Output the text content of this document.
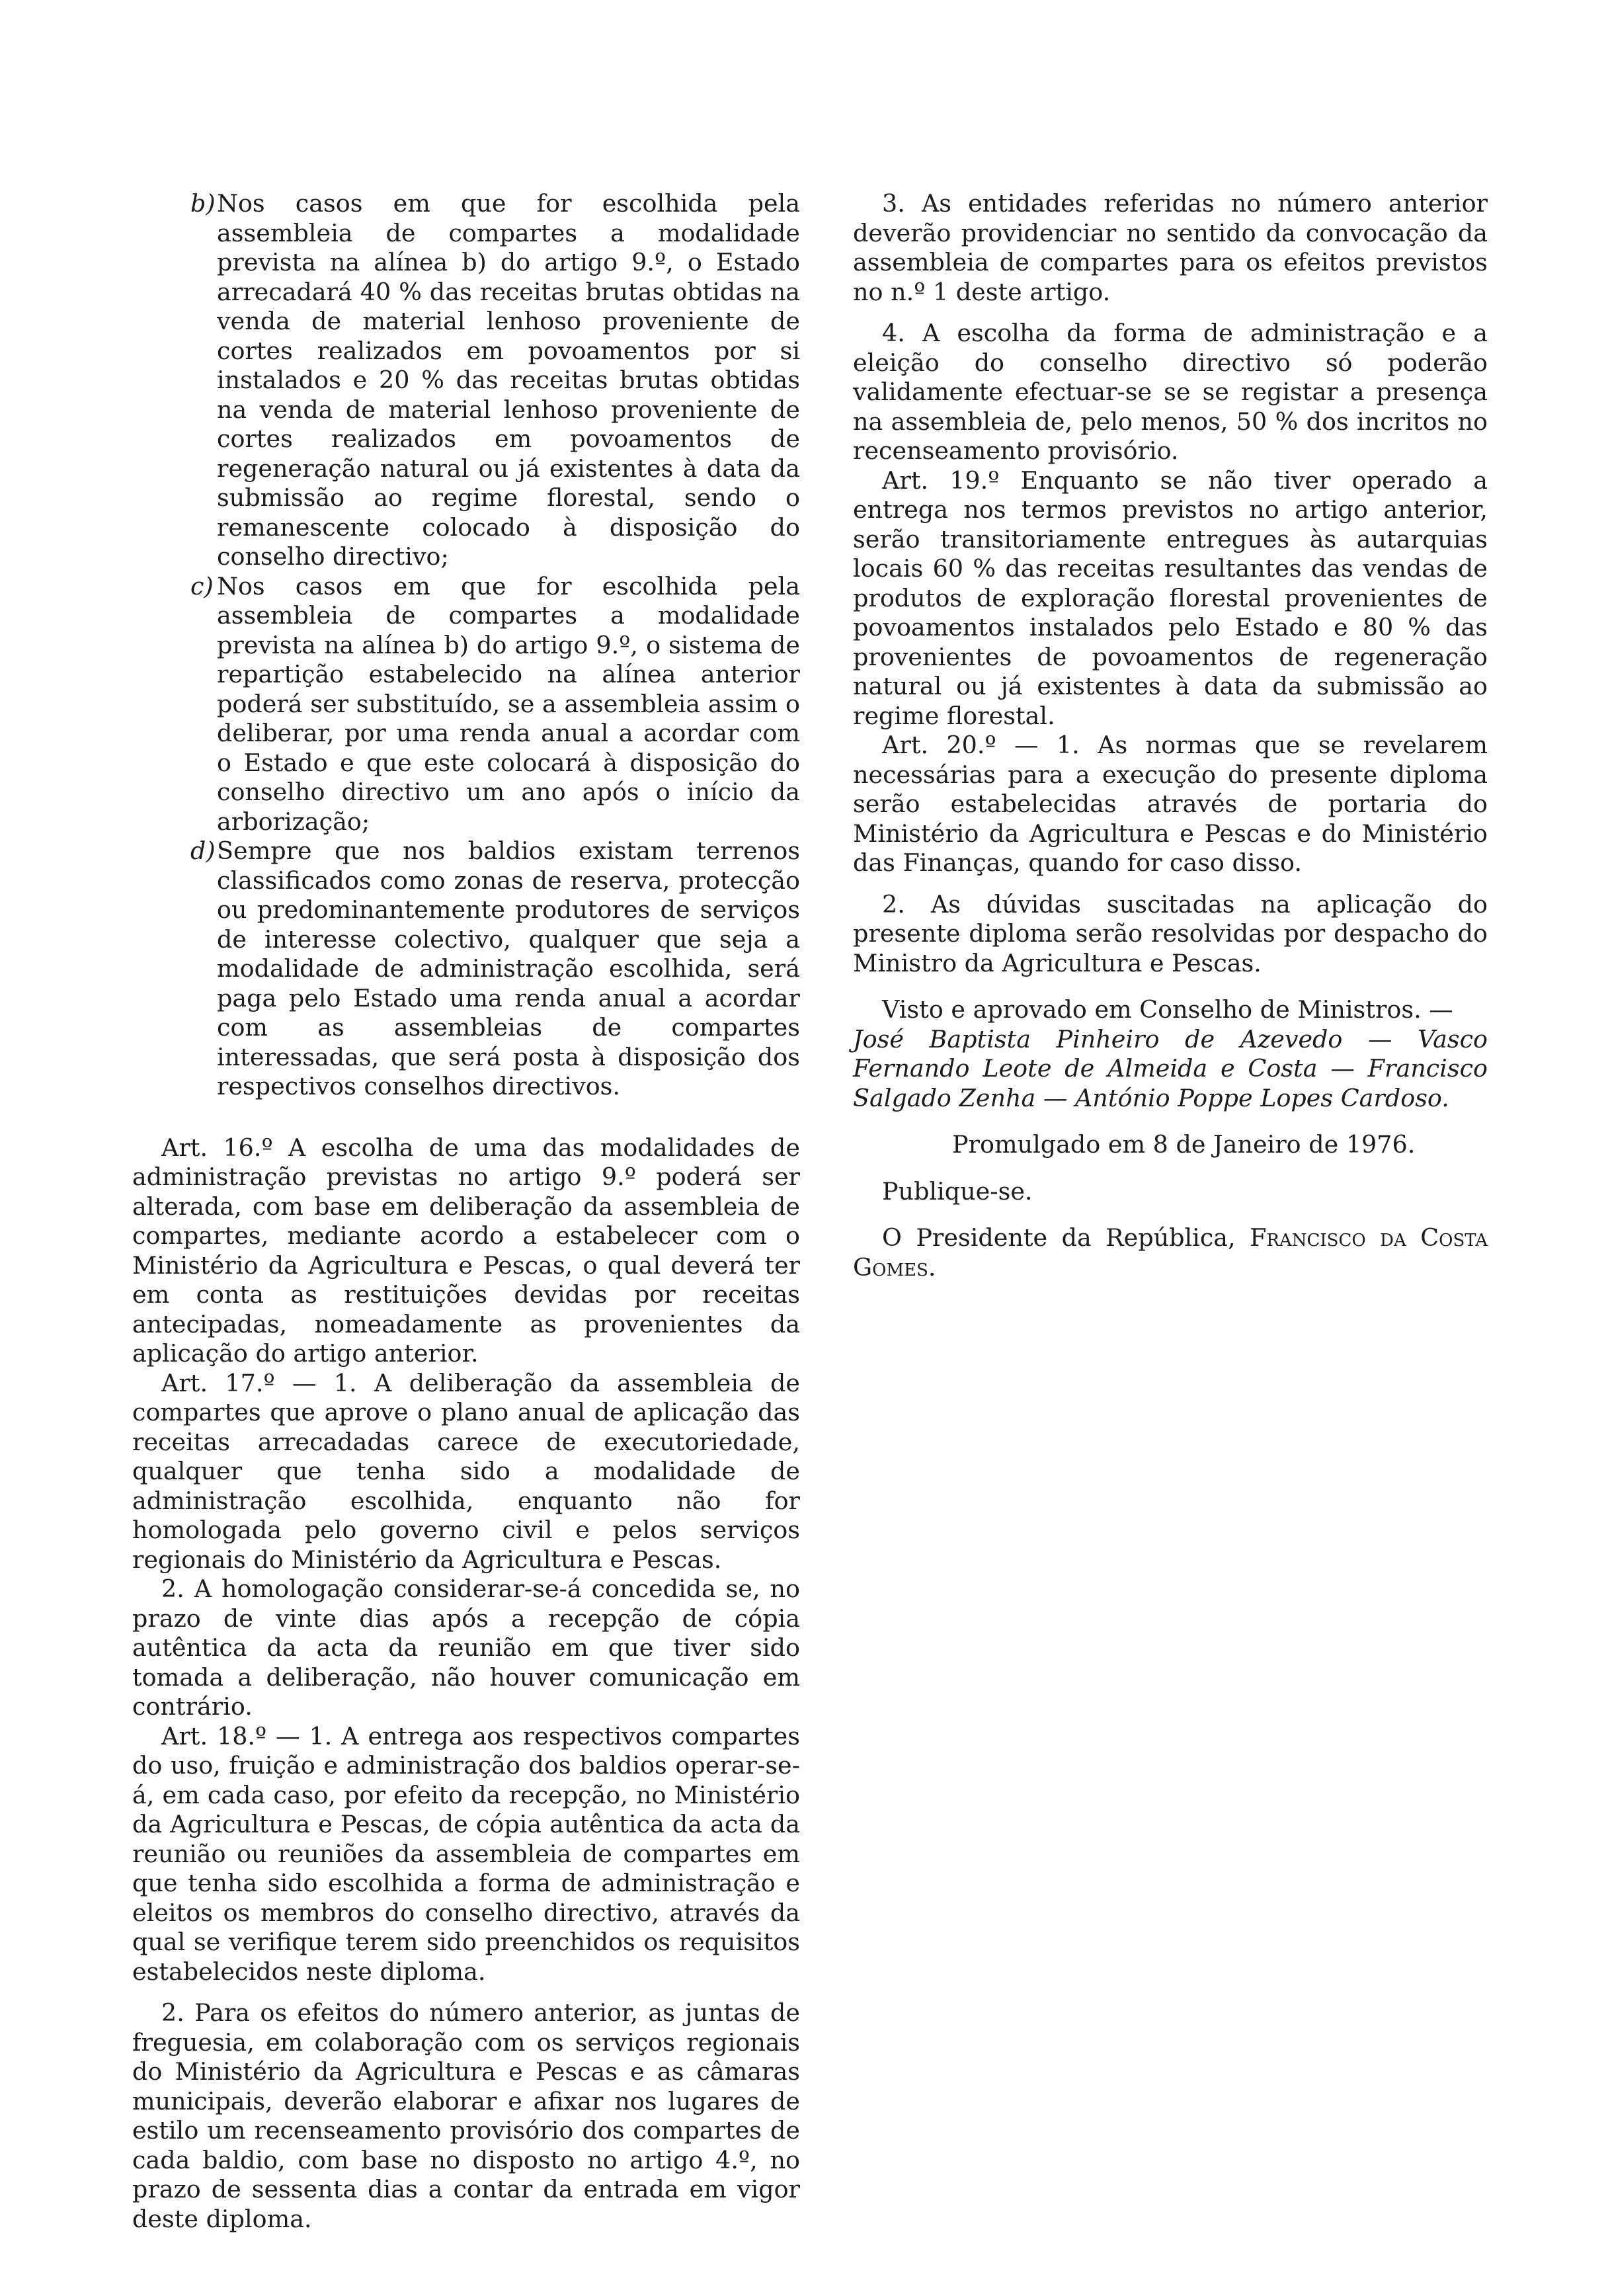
b) Nos casos em que for escolhida pela assembleia de compartes a modalidade prevista na alínea b) do artigo 9.º, o Estado arrecadará 40 % das receitas brutas obtidas na venda de material lenhoso proveniente de cortes realizados em povoamentos por si instalados e 20 % das receitas brutas obtidas na venda de material lenhoso proveniente de cortes realizados em povoamentos de regeneração natural ou já existentes à data da submissão ao regime florestal, sendo o remanescente colocado à disposição do conselho directivo;
c) Nos casos em que for escolhida pela assembleia de compartes a modalidade prevista na alínea b) do artigo 9.º, o sistema de repartição estabelecido na alínea anterior poderá ser substituído, se a assembleia assim o deliberar, por uma renda anual a acordar com o Estado e que este colocará à disposição do conselho directivo um ano após o início da arborização;
d) Sempre que nos baldios existam terrenos classificados como zonas de reserva, protecção ou predominantemente produtores de serviços de interesse colectivo, qualquer que seja a modalidade de administração escolhida, será paga pelo Estado uma renda anual a acordar com as assembleias de compartes interessadas, que será posta à disposição dos respectivos conselhos directivos.

Art. 16.º A escolha de uma das modalidades de administração previstas no artigo 9.º poderá ser alterada, com base em deliberação da assembleia de compartes, mediante acordo a estabelecer com o Ministério da Agricultura e Pescas, o qual deverá ter em conta as restituições devidas por receitas antecipadas, nomeadamente as provenientes da aplicação do artigo anterior.

Art. 17.º — 1. A deliberação da assembleia de compartes que aprove o plano anual de aplicação das receitas arrecadadas carece de executoriedade, qualquer que tenha sido a modalidade de administração escolhida, enquanto não for homologada pelo governo civil e pelos serviços regionais do Ministério da Agricultura e Pescas.

2. A homologação considerar-se-á concedida se, no prazo de vinte dias após a recepção de cópia autêntica da acta da reunião em que tiver sido tomada a deliberação, não houver comunicação em contrário.

Art. 18.º — 1. A entrega aos respectivos compartes do uso, fruição e administração dos baldios operar-se-á, em cada caso, por efeito da recepção, no Ministério da Agricultura e Pescas, de cópia autêntica da acta da reunião ou reuniões da assembleia de compartes em que tenha sido escolhida a forma de administração e eleitos os membros do conselho directivo, através da qual se verifique terem sido preenchidos os requisitos estabelecidos neste diploma.

2. Para os efeitos do número anterior, as juntas de freguesia, em colaboração com os serviços regionais do Ministério da Agricultura e Pescas e as câmaras municipais, deverão elaborar e afixar nos lugares de estilo um recenseamento provisório dos compartes de cada baldio, com base no disposto no artigo 4.º, no prazo de sessenta dias a contar da entrada em vigor deste diploma.

3. As entidades referidas no número anterior deverão providenciar no sentido da convocação da assembleia de compartes para os efeitos previstos no n.º 1 deste artigo.

4. A escolha da forma de administração e a eleição do conselho directivo só poderão validamente efectuar-se se se registar a presença na assembleia de, pelo menos, 50 % dos incritos no recenseamento provisório.

Art. 19.º Enquanto se não tiver operado a entrega nos termos previstos no artigo anterior, serão transitoriamente entregues às autarquias locais 60 % das receitas resultantes das vendas de produtos de exploração florestal provenientes de povoamentos instalados pelo Estado e 80 % das provenientes de povoamentos de regeneração natural ou já existentes à data da submissão ao regime florestal.

Art. 20.º — 1. As normas que se revelarem necessárias para a execução do presente diploma serão estabelecidas através de portaria do Ministério da Agricultura e Pescas e do Ministério das Finanças, quando for caso disso.

2. As dúvidas suscitadas na aplicação do presente diploma serão resolvidas por despacho do Ministro da Agricultura e Pescas.

Visto e aprovado em Conselho de Ministros. —

José Baptista Pinheiro de Azevedo — Vasco Fernando Leote de Almeida e Costa — Francisco Salgado Zenha — António Poppe Lopes Cardoso.

Promulgado em 8 de Janeiro de 1976.

Publique-se.

O Presidente da República, Francisco da Costa Gomes.
